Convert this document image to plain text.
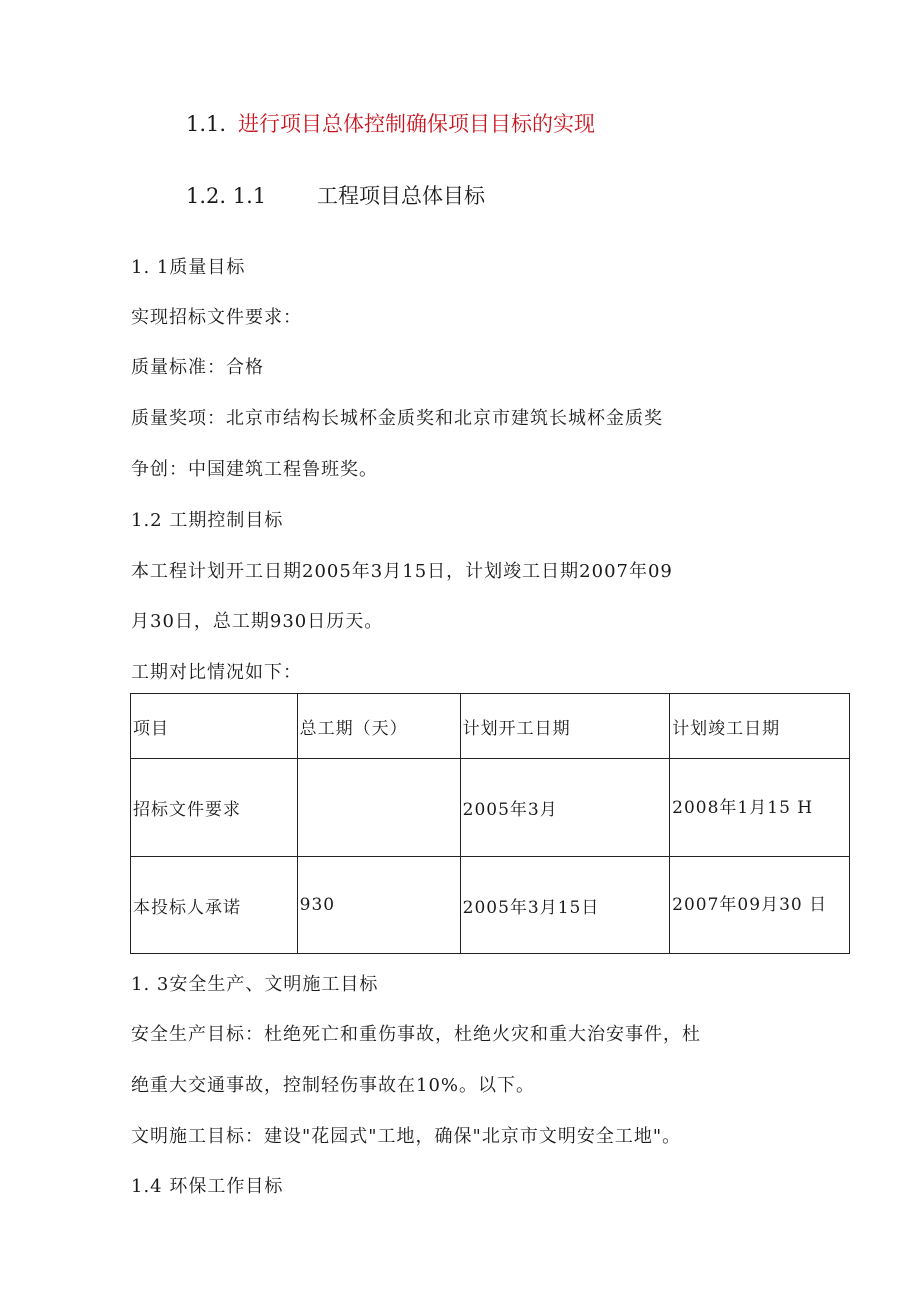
1.1. 进行项目总体控制确保项目目标的实现
1.2. 1.1 工程项目总体目标
1. 1质量目标
实现招标文件要求：
质量标准：合格
质量奖项：北京市结构长城杯金质奖和北京市建筑长城杯金质奖
争创：中国建筑工程鲁班奖。
1.2 工期控制目标
本工程计划开工日期2005年3月15日，计划竣工日期2007年09
月30日，总工期930日历天。
工期对比情况如下：
项目	总工期（天）	计划开工日期	计划竣工日期
招标文件要求		2005年3月	2008年1月15 H
本投标人承诺	930	2005年3月15日	2007年09月30 日
1. 3安全生产、文明施工目标
安全生产目标：杜绝死亡和重伤事故，杜绝火灾和重大治安事件，杜
绝重大交通事故，控制轻伤事故在10%。以下。
文明施工目标：建设"花园式"工地，确保"北京市文明安全工地"。
1.4 环保工作目标
